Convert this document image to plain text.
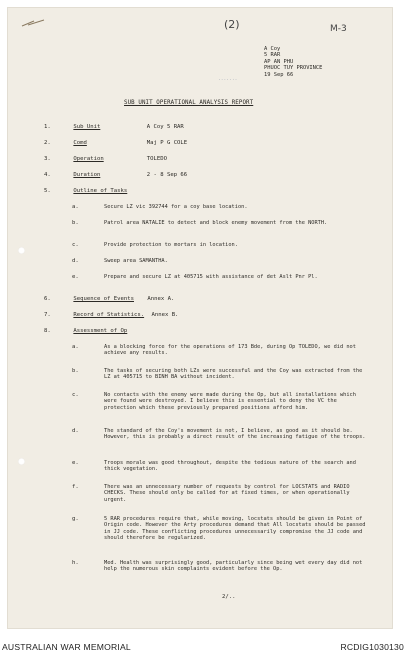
(2)	M-3
A Coy
5 RAR
AP AN PHU
PHUOC TUY PROVINCE
19 Sep 66
·······
SUB UNIT OPERATIONAL ANALYSIS REPORT
1.	Sub Unit	A Coy 5 RAR
2.	Comd	Maj P G COLE
3.	Operation	TOLEDO
4.	Duration	2 - 8 Sep 66
5.	Outline of Tasks
a.	Secure LZ vic 392744 for a coy base location.
b.	Patrol area NATALIE to detect and block enemy movement from the NORTH.
c.	Provide protection to mortars in location.
d.	Sweep area SAMANTHA.
e.	Prepare and secure LZ at 405715 with assistance of det Aslt Pnr Pl.
6.	Sequence of Events Annex A.
7.	Record of Statistics. Annex B.
8.	Assessment of Op
a.	As a blocking force for the operations of 173 Bde, during Op TOLEDO, we did not achieve any results.
b.	The tasks of securing both LZs were successful and the Coy was extracted from the LZ at 405715 to BINH BA without incident.
c.	No contacts with the enemy were made during the Op, but all installations which were found were destroyed. I believe this is essential to deny the VC the protection which these previously prepared positions afford him.
d.	The standard of the Coy's movement is not, I believe, as good as it should be. However, this is probably a direct result of the increasing fatigue of the troops.
e.	Troops morale was good throughout, despite the tedious nature of the search and thick vegetation.
f.	There was an unnecessary number of requests by control for LOCSTATS and RADIO CHECKS. These should only be called for at fixed times, or when operationally urgent.
g.	5 RAR procedures require that, while moving, locstats should be given in Point of Origin code. However the Arty procedures demand that All locstats should be passed in JJ code. These conflicting procedures unnecessarily compromise the JJ code and should therefore be regularized.
h.	Med. Health was surprisingly good, particularly since being wet every day did not help the numerous skin complaints evident before the Op.
2/..
AUSTRALIAN WAR MEMORIAL	RCDIG1030130
